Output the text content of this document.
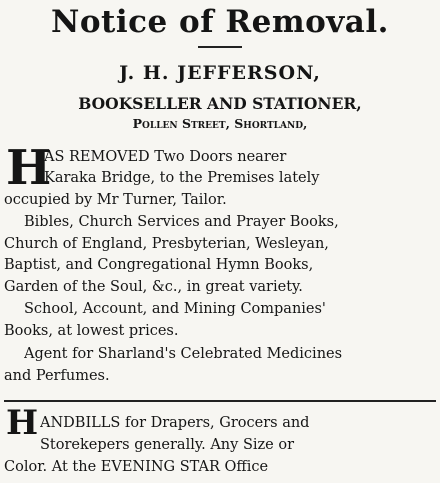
Notice of Removal.
J. H. JEFFERSON,
BOOKSELLER AND STATIONER,
Pollen Street, Shortland,
H
AS REMOVED Two Doors nearer
Karaka Bridge, to the Premises lately
occupied by Mr Turner, Tailor.
Bibles, Church Services and Prayer Books,
Church of England, Presbyterian, Wesleyan,
Baptist, and Congregational Hymn Books,
Garden of the Soul, &c., in great variety.
School, Account, and Mining Companies'
Books, at lowest prices.
Agent for Sharland's Celebrated Medicines
and Perfumes.
H ANDBILLS for Drapers, Grocers and
Storekepers generally. Any Size or
Color. At the EVENING STAR Office
